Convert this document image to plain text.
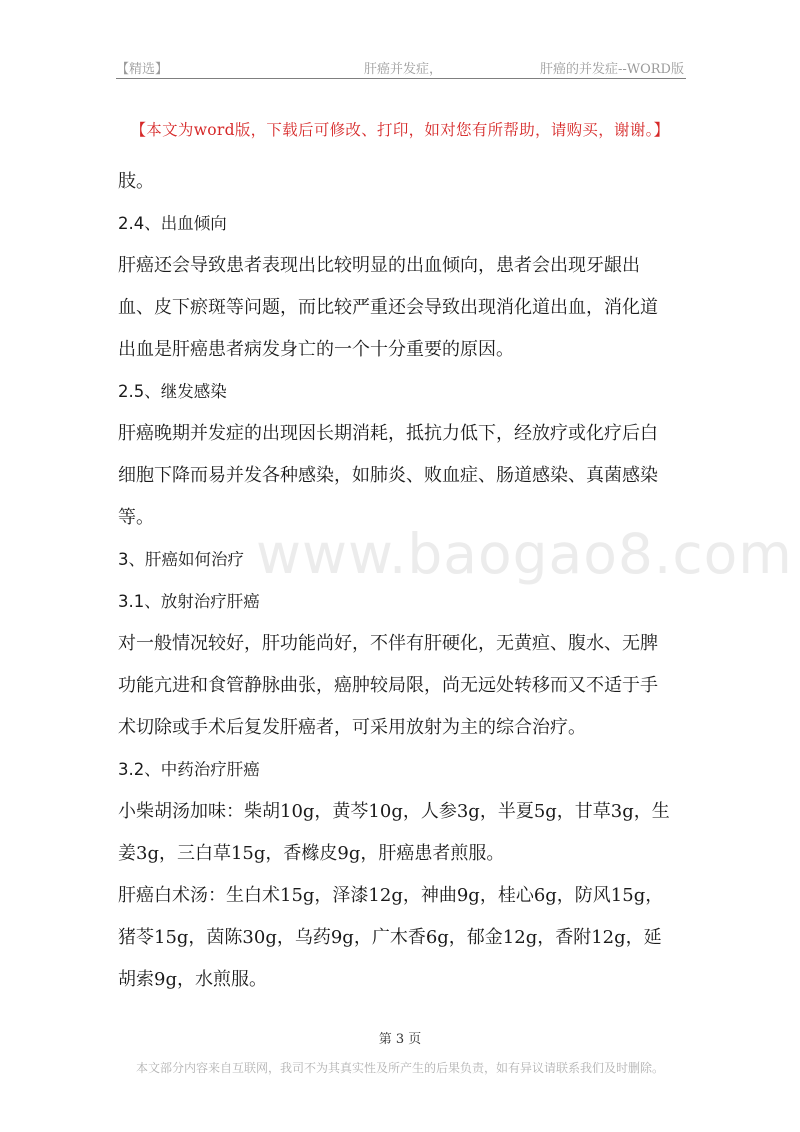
【精选】	肝癌并发症，	肝癌的并发症--WORD版
【本文为word版，下载后可修改、打印，如对您有所帮助，请购买，谢谢。】
www.baogao8.com

肢。

2.4、出血倾向

肝癌还会导致患者表现出比较明显的出血倾向，患者会出现牙龈出

血、皮下瘀斑等问题，而比较严重还会导致出现消化道出血，消化道

出血是肝癌患者病发身亡的一个十分重要的原因。

2.5、继发感染

肝癌晚期并发症的出现因长期消耗，抵抗力低下，经放疗或化疗后白

细胞下降而易并发各种感染，如肺炎、败血症、肠道感染、真菌感染

等。

3、肝癌如何治疗

3.1、放射治疗肝癌

对一般情况较好，肝功能尚好，不伴有肝硬化，无黄疸、腹水、无脾

功能亢进和食管静脉曲张，癌肿较局限，尚无远处转移而又不适于手

术切除或手术后复发肝癌者，可采用放射为主的综合治疗。

3.2、中药治疗肝癌

小柴胡汤加味：柴胡10g，黄芩10g，人参3g，半夏5g，甘草3g，生

姜3g，三白草15g，香橼皮9g，肝癌患者煎服。

肝癌白术汤：生白术15g，泽漆12g，神曲9g，桂心6g，防风15g，

猪苓15g，茵陈30g，乌药9g，广木香6g，郁金12g，香附12g，延

胡索9g，水煎服。

第 3 页
本文部分内容来自互联网，我司不为其真实性及所产生的后果负责，如有异议请联系我们及时删除。
